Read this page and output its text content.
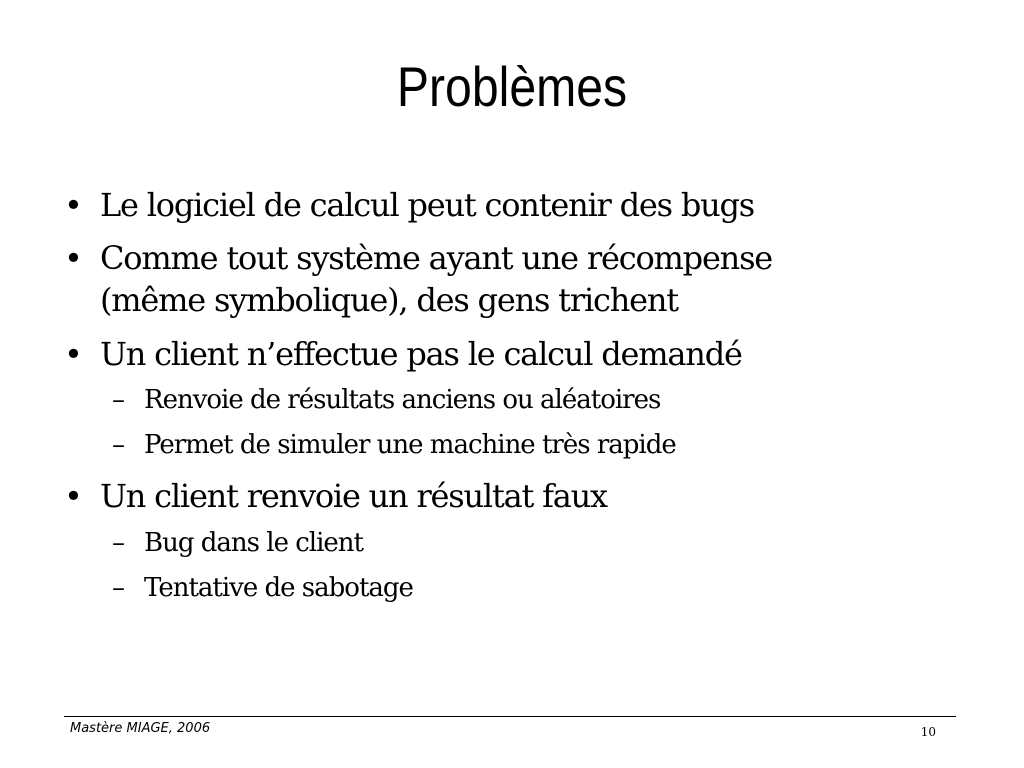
Problèmes
• Le logiciel de calcul peut contenir des bugs
• Comme tout système ayant une récompense
(même symbolique), des gens trichent
• Un client n’effectue pas le calcul demandé
– Renvoie de résultats anciens ou aléatoires
– Permet de simuler une machine très rapide
• Un client renvoie un résultat faux
– Bug dans le client
– Tentative de sabotage
Mastère MIAGE, 2006	10
